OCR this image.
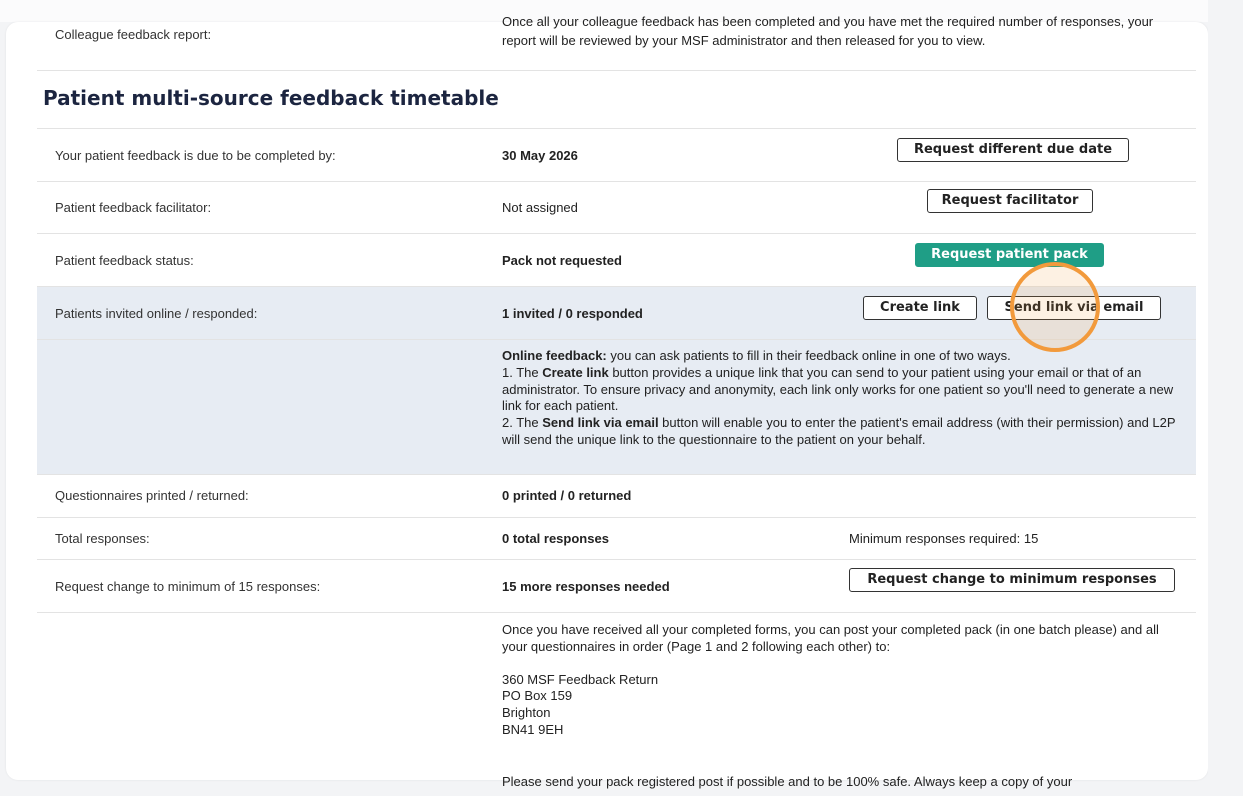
Colleague feedback report:
Once all your colleague feedback has been completed and you have met the required number of responses, your
report will be reviewed by your MSF administrator and then released for you to view.
Patient multi-source feedback timetable
Your patient feedback is due to be completed by:	30 May 2026	Request different due date
Patient feedback facilitator:	Not assigned	Request facilitator
Patient feedback status:	Pack not requested	Request patient pack
Patients invited online / responded:	1 invited / 0 responded	Create link	Send link via email

Online feedback: you can ask patients to fill in their feedback online in one of two ways.

1. The Create link button provides a unique link that you can send to your patient using your email or that of an administrator. To ensure privacy and anonymity, each link only works for one patient so you'll need to generate a new link for each patient.

2. The Send link via email button will enable you to enter the patient's email address (with their permission) and L2P will send the unique link to the questionnaire to the patient on your behalf.

Questionnaires printed / returned:	0 printed / 0 returned
Total responses:	0 total responses	Minimum responses required: 15
Request change to minimum of 15 responses:	15 more responses needed	Request change to minimum responses

Once you have received all your completed forms, you can post your completed pack (in one batch please) and all your questionnaires in order (Page 1 and 2 following each other) to:

360 MSF Feedback Return

PO Box 159

Brighton

BN41 9EH

Please send your pack registered post if possible and to be 100% safe. Always keep a copy of your
